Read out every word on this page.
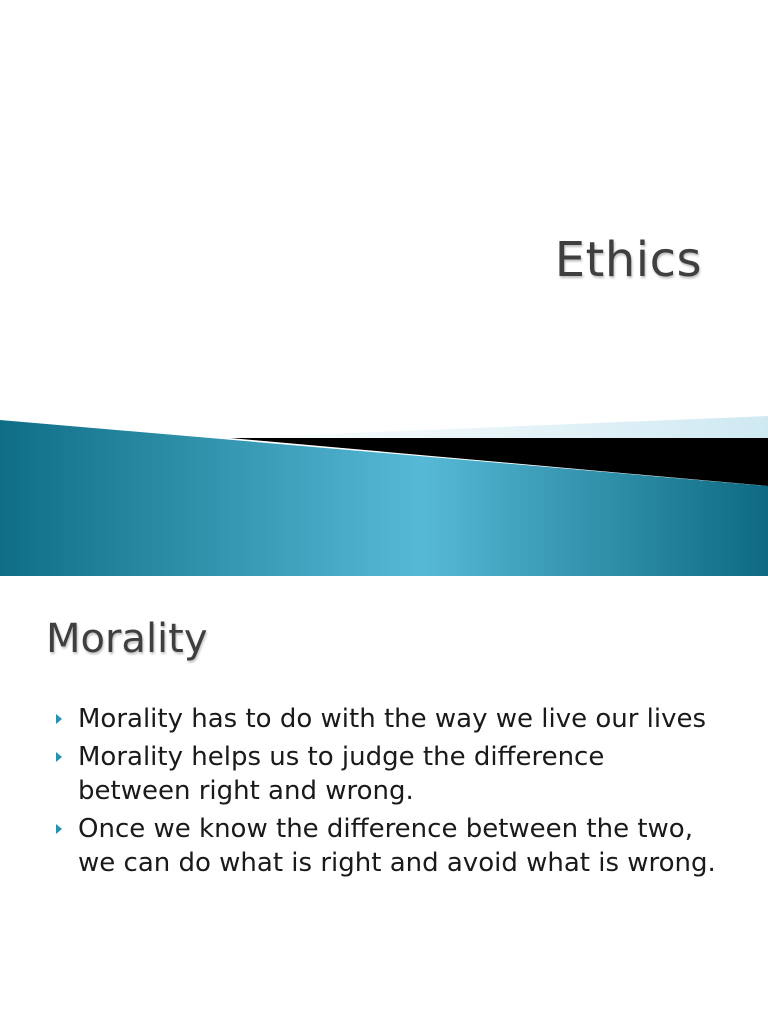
Ethics
Morality
Morality has to do with the way we live our lives
Morality helps us to judge the difference between right and wrong.
Once we know the difference between the two, we can do what is right and avoid what is wrong.
